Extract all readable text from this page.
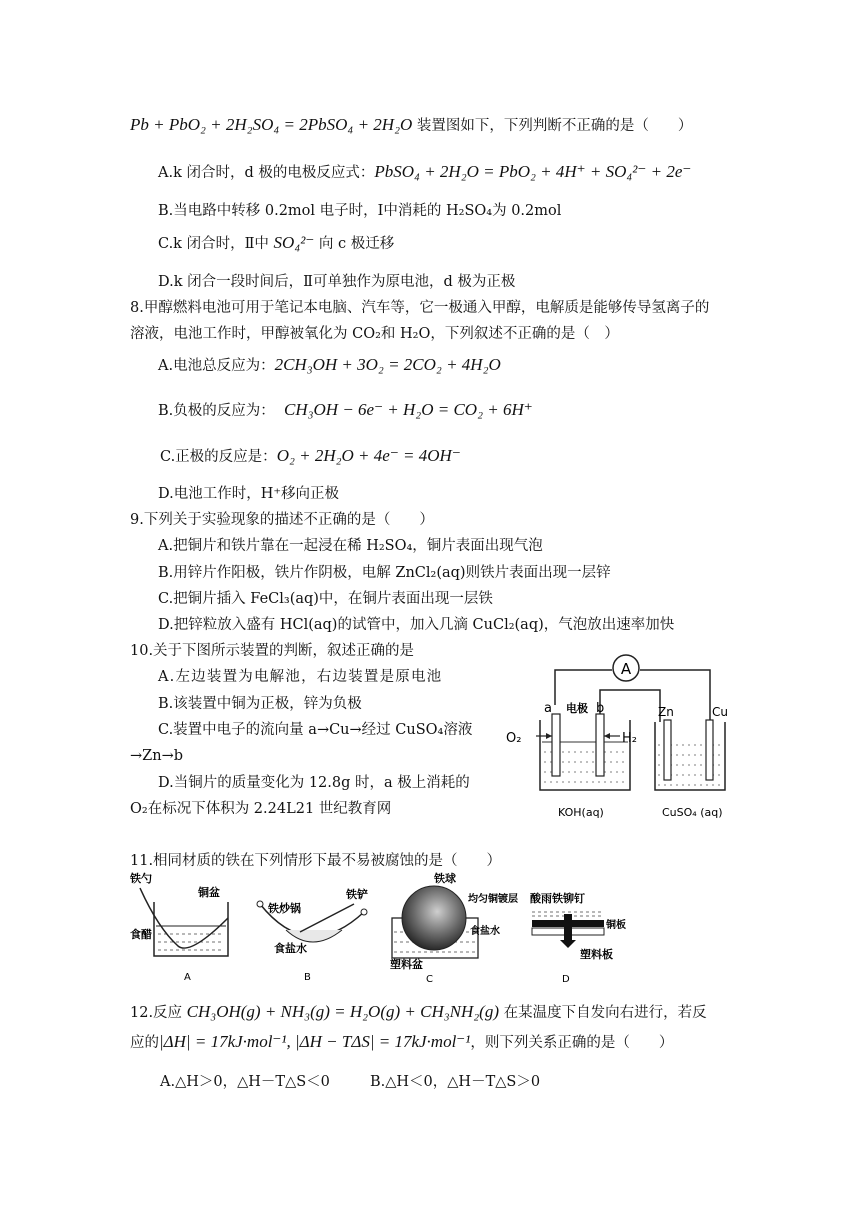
Pb + PbO₂ + 2H₂SO₄ = 2PbSO₄ + 2H₂O 装置图如下，下列判断不正确的是（　　）
A.k 闭合时，d 极的电极反应式：PbSO₄ + 2H₂O = PbO₂ + 4H⁺ + SO₄²⁻ + 2e⁻
B.当电路中转移 0.2mol 电子时，Ⅰ中消耗的 H₂SO₄为 0.2mol
C.k 闭合时，Ⅱ中 SO₄²⁻ 向 c 极迁移
D.k 闭合一段时间后，Ⅱ可单独作为原电池，d 极为正极
8.甲醇燃料电池可用于笔记本电脑、汽车等，它一极通入甲醇，电解质是能够传导氢离子的
溶液，电池工作时，甲醇被氧化为 CO₂和 H₂O，下列叙述不正确的是（　）
A.电池总反应为：2CH₃OH + 3O₂ = 2CO₂ + 4H₂O
B.负极的反应为： CH₃OH − 6e⁻ + H₂O = CO₂ + 6H⁺
C.正极的反应是：O₂ + 2H₂O + 4e⁻ = 4OH⁻
D.电池工作时，H⁺移向正极
9.下列关于实验现象的描述不正确的是（　　）
A.把铜片和铁片靠在一起浸在稀 H₂SO₄，铜片表面出现气泡
B.用锌片作阳极，铁片作阴极，电解 ZnCl₂(aq)则铁片表面出现一层锌
C.把铜片插入 FeCl₃(aq)中，在铜片表面出现一层铁
D.把锌粒放入盛有 HCl(aq)的试管中，加入几滴 CuCl₂(aq)，气泡放出速率加快
10.关于下图所示装置的判断，叙述正确的是
A.左边装置为电解池，右边装置是原电池
B.该装置中铜为正极，锌为负极
C.装置中电子的流向量 a→Cu→经过 CuSO₄溶液
→Zn→b
D.当铜片的质量变化为 12.8g 时，a 极上消耗的
O₂在标况下体积为 2.24L21 世纪教育网
A
a 电极 b
O₂	H₂
Zn	Cu
KOH(aq)	CuSO₄ (aq)
11.相同材质的铁在下列情形下最不易被腐蚀的是（　　）
铁勺
铜盆
食醋
A
铁炒锅
铁铲
食盐水
B
铁球
均匀铜镀层
食盐水
塑料盆
C
酸雨 铁铆钉
铜板
塑料板
D
12.反应 CH₃OH(g) + NH₃(g) = H₂O(g) + CH₃NH₂(g) 在某温度下自发向右进行，若反
应的|ΔH| = 17kJ·mol⁻¹, |ΔH − TΔS| = 17kJ·mol⁻¹，则下列关系正确的是（　　）
A.△H＞0，△H－T△S＜0	B.△H＜0，△H－T△S＞0
